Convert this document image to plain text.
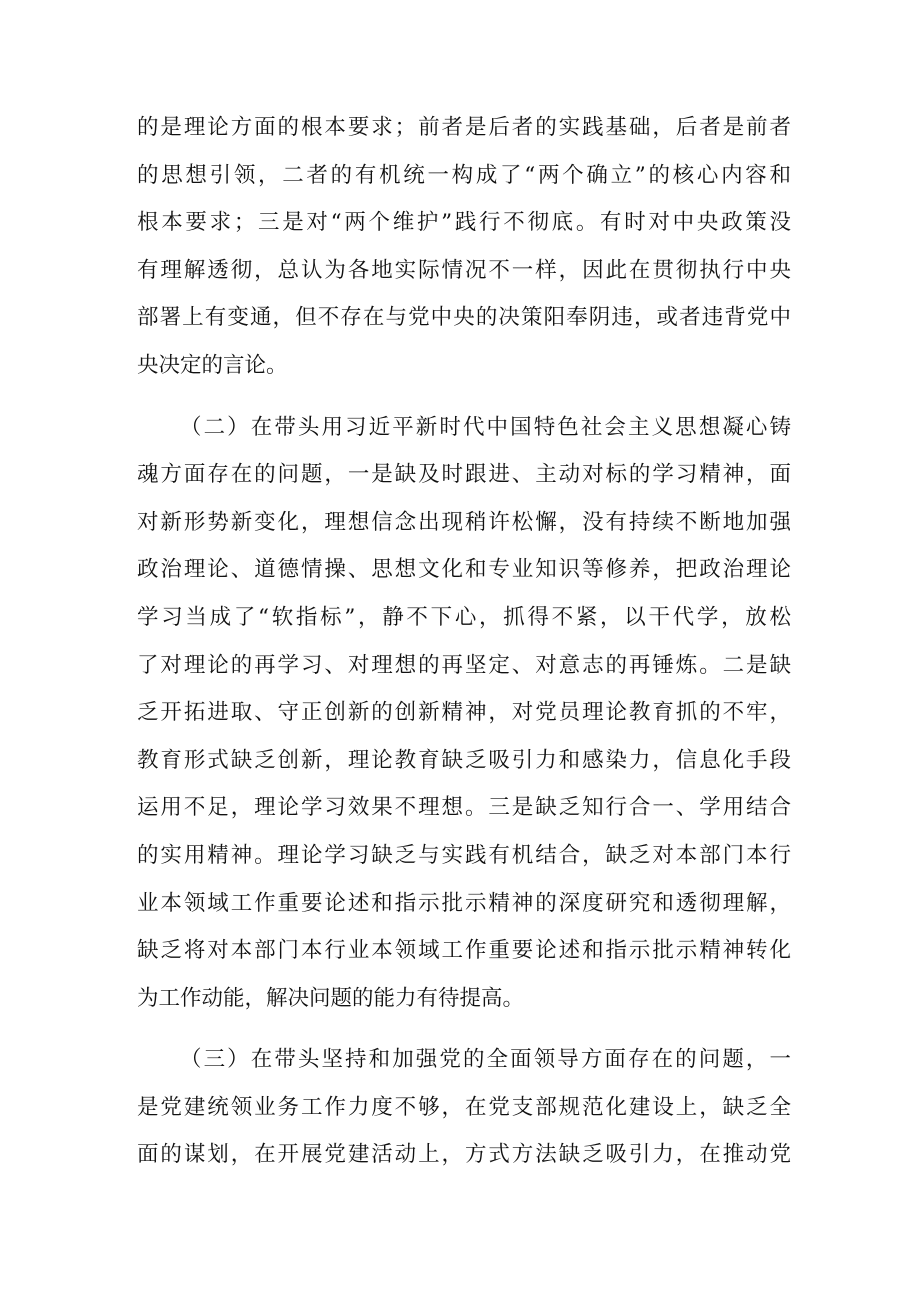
的是理论方面的根本要求；前者是后者的实践基础，后者是前者
的思想引领，二者的有机统一构成了“两个确立”的核心内容和
根本要求；三是对“两个维护”践行不彻底。有时对中央政策没
有理解透彻，总认为各地实际情况不一样，因此在贯彻执行中央
部署上有变通，但不存在与党中央的决策阳奉阴违，或者违背党中
央决定的言论。
（二）在带头用习近平新时代中国特色社会主义思想凝心铸
魂方面存在的问题，一是缺及时跟进、主动对标的学习精神，面
对新形势新变化，理想信念出现稍许松懈，没有持续不断地加强
政治理论、道德情操、思想文化和专业知识等修养，把政治理论
学习当成了“软指标”，静不下心，抓得不紧，以干代学，放松
了对理论的再学习、对理想的再坚定、对意志的再锤炼。二是缺
乏开拓进取、守正创新的创新精神，对党员理论教育抓的不牢，
教育形式缺乏创新，理论教育缺乏吸引力和感染力，信息化手段
运用不足，理论学习效果不理想。三是缺乏知行合一、学用结合
的实用精神。理论学习缺乏与实践有机结合，缺乏对本部门本行
业本领域工作重要论述和指示批示精神的深度研究和透彻理解，
缺乏将对本部门本行业本领域工作重要论述和指示批示精神转化
为工作动能，解决问题的能力有待提高。
（三）在带头坚持和加强党的全面领导方面存在的问题，一
是党建统领业务工作力度不够，在党支部规范化建设上，缺乏全
面的谋划，在开展党建活动上，方式方法缺乏吸引力，在推动党
